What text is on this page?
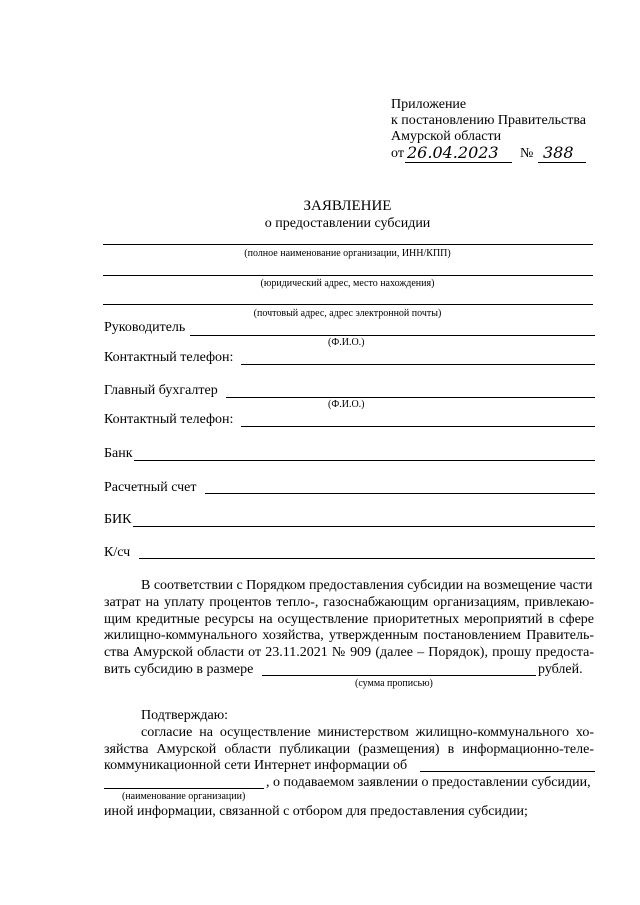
Приложение
к постановлению Правительства
Амурской области
от 26.04.2023 № 388
ЗАЯВЛЕНИЕ
о предоставлении субсидии
(полное наименование организации, ИНН/КПП)
(юридический адрес, место нахождения)
(почтовый адрес, адрес электронной почты)
Руководитель
(Ф.И.О.)
Контактный телефон:
Главный бухгалтер
(Ф.И.О.)
Контактный телефон:
Банк
Расчетный счет
БИК
К/сч
В соответствии с Порядком предоставления субсидии на возмещение части
затрат на уплату процентов тепло-, газоснабжающим организациям, привлекаю-
щим кредитные ресурсы на осуществление приоритетных мероприятий в сфере
жилищно-коммунального хозяйства, утвержденным постановлением Правитель-
ства Амурской области от 23.11.2021 № 909 (далее – Порядок), прошу предоста-
вить субсидию в размере	рублей.
(сумма прописью)
Подтверждаю:
согласие на осуществление министерством жилищно-коммунального хо-
зяйства Амурской области публикации (размещения) в информационно-теле-
коммуникационной сети Интернет информации об
, о подаваемом заявлении о предоставлении субсидии,
(наименование организации)
иной информации, связанной с отбором для предоставления субсидии;
